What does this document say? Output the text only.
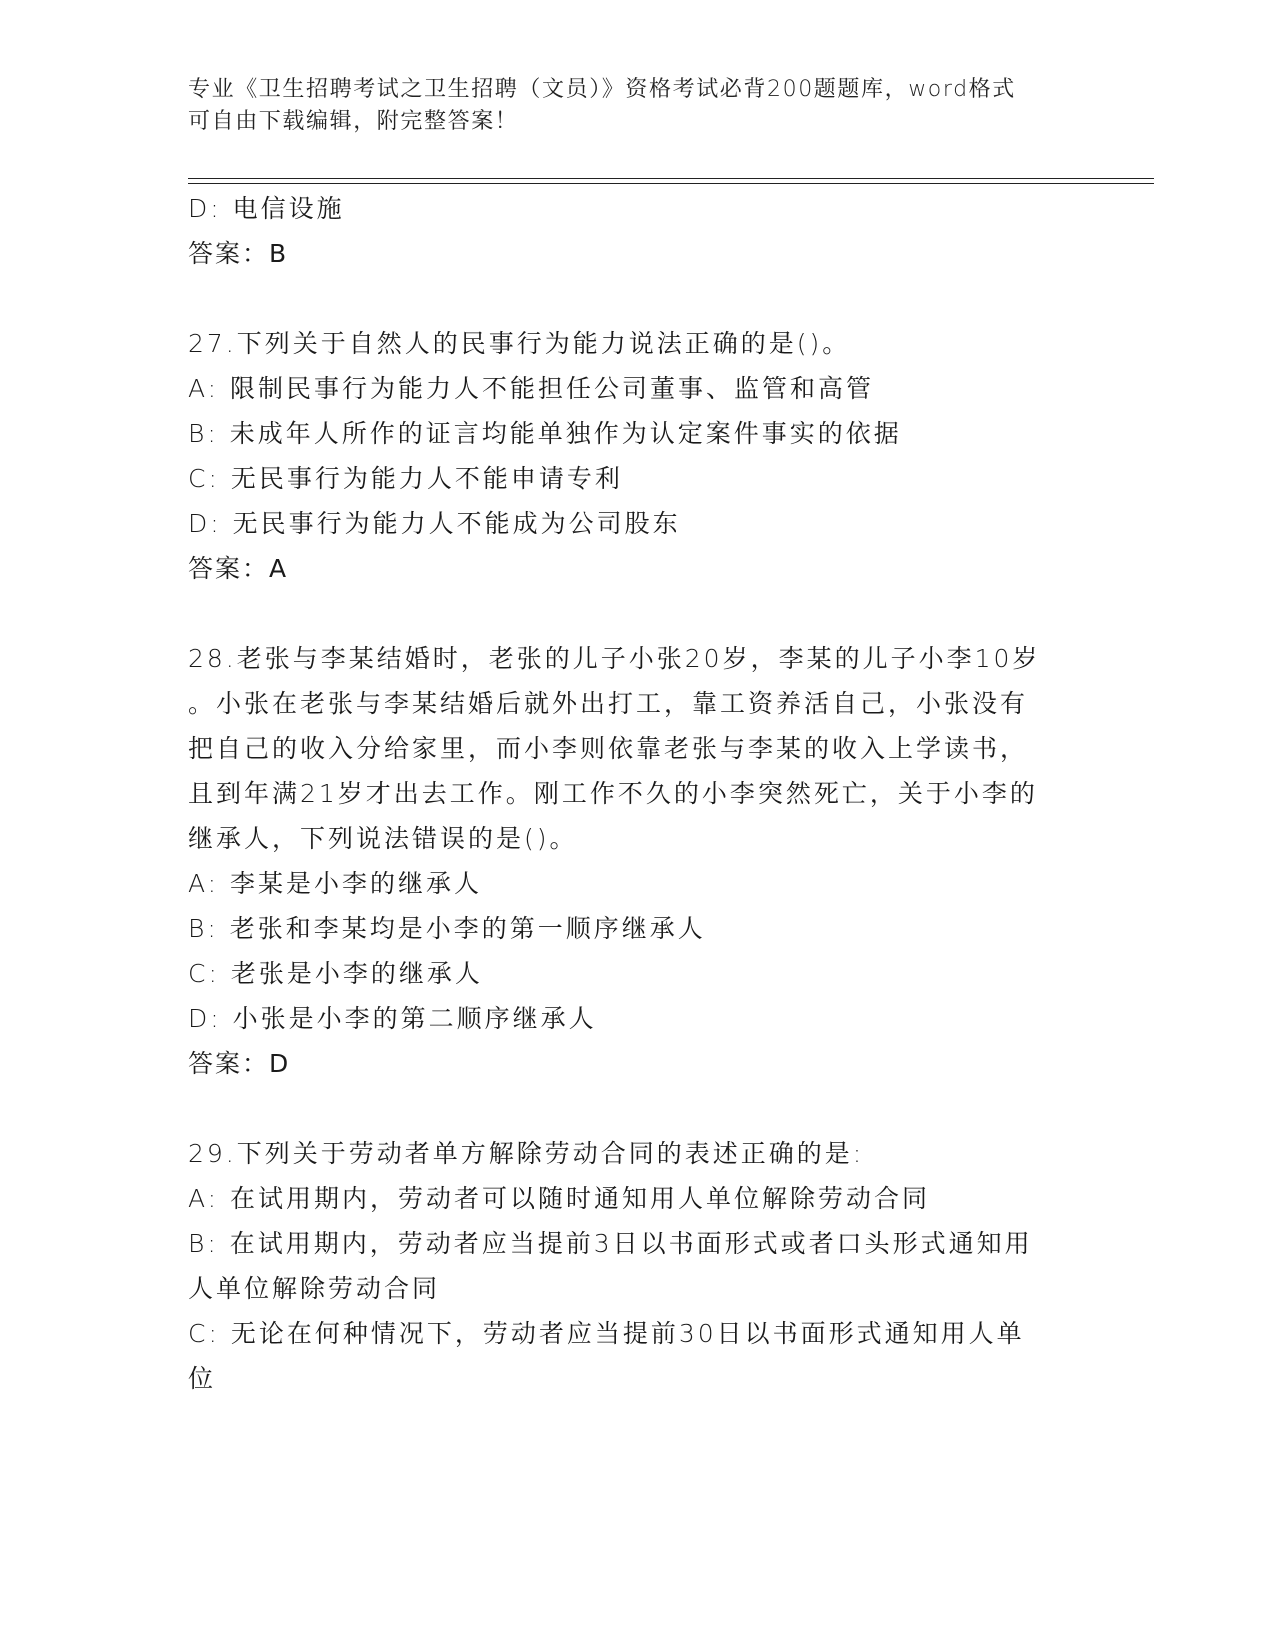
专业《卫生招聘考试之卫生招聘（文员）》资格考试必背200题题库，word格式
可自由下载编辑，附完整答案！
D: 电信设施
答案：B
27.下列关于自然人的民事行为能力说法正确的是()。
A: 限制民事行为能力人不能担任公司董事、监管和高管
B: 未成年人所作的证言均能单独作为认定案件事实的依据
C: 无民事行为能力人不能申请专利
D: 无民事行为能力人不能成为公司股东
答案：A
28.老张与李某结婚时，老张的儿子小张20岁，李某的儿子小李10岁
。小张在老张与李某结婚后就外出打工，靠工资养活自己，小张没有
把自己的收入分给家里，而小李则依靠老张与李某的收入上学读书，
且到年满21岁才出去工作。刚工作不久的小李突然死亡，关于小李的
继承人，下列说法错误的是()。
A: 李某是小李的继承人
B: 老张和李某均是小李的第一顺序继承人
C: 老张是小李的继承人
D: 小张是小李的第二顺序继承人
答案：D
29.下列关于劳动者单方解除劳动合同的表述正确的是:
A: 在试用期内，劳动者可以随时通知用人单位解除劳动合同
B: 在试用期内，劳动者应当提前3日以书面形式或者口头形式通知用
人单位解除劳动合同
C: 无论在何种情况下，劳动者应当提前30日以书面形式通知用人单
位
